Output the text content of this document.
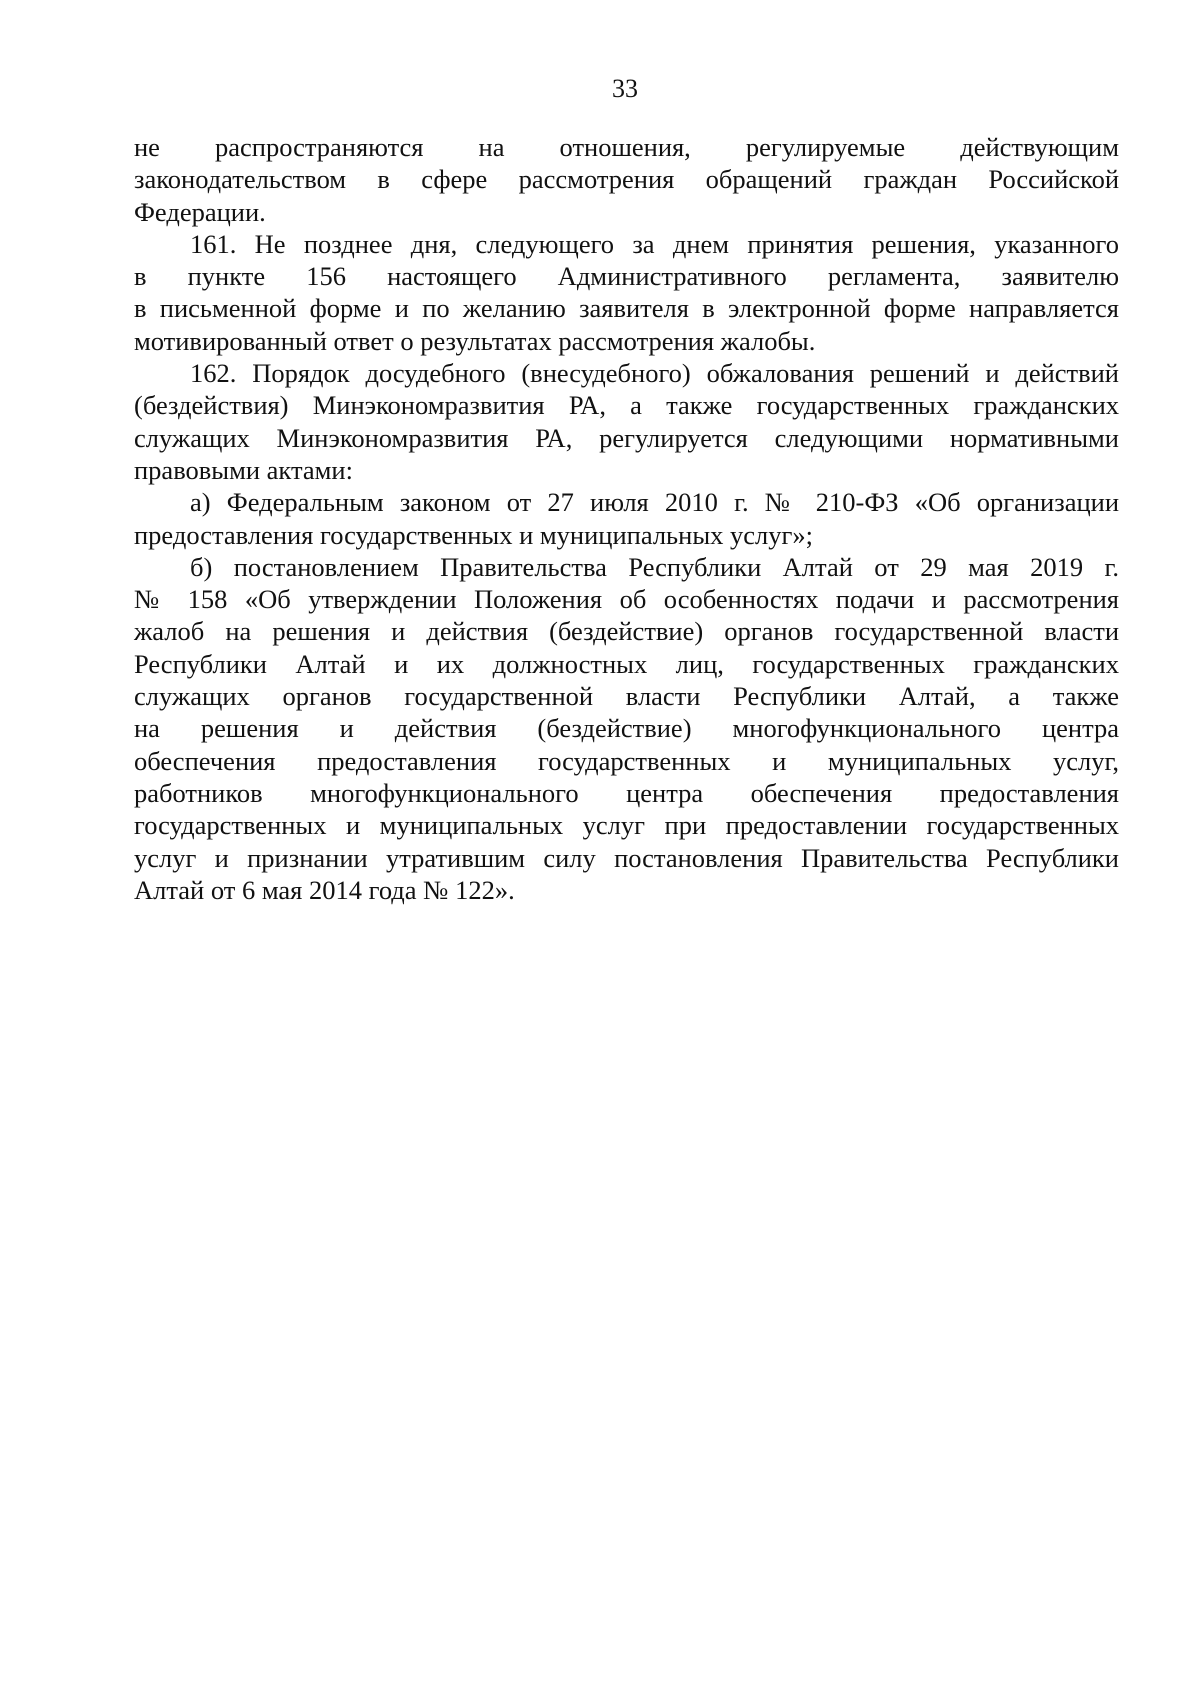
33
не распространяются на отношения, регулируемые действующим
законодательством в сфере рассмотрения обращений граждан Российской
Федерации.
161. Не позднее дня, следующего за днем принятия решения, указанного
в пункте 156 настоящего Административного регламента, заявителю
в письменной форме и по желанию заявителя в электронной форме направляется
мотивированный ответ о результатах рассмотрения жалобы.
162. Порядок досудебного (внесудебного) обжалования решений и действий
(бездействия) Минэкономразвития РА, а также государственных гражданских
служащих Минэкономразвития РА, регулируется следующими нормативными
правовыми актами:
а) Федеральным законом от 27 июля 2010 г. № 210-ФЗ «Об организации
предоставления государственных и муниципальных услуг»;
б) постановлением Правительства Республики Алтай от 29 мая 2019 г.
№ 158 «Об утверждении Положения об особенностях подачи и рассмотрения
жалоб на решения и действия (бездействие) органов государственной власти
Республики Алтай и их должностных лиц, государственных гражданских
служащих органов государственной власти Республики Алтай, а также
на решения и действия (бездействие) многофункционального центра
обеспечения предоставления государственных и муниципальных услуг,
работников многофункционального центра обеспечения предоставления
государственных и муниципальных услуг при предоставлении государственных
услуг и признании утратившим силу постановления Правительства Республики
Алтай от 6 мая 2014 года № 122».
